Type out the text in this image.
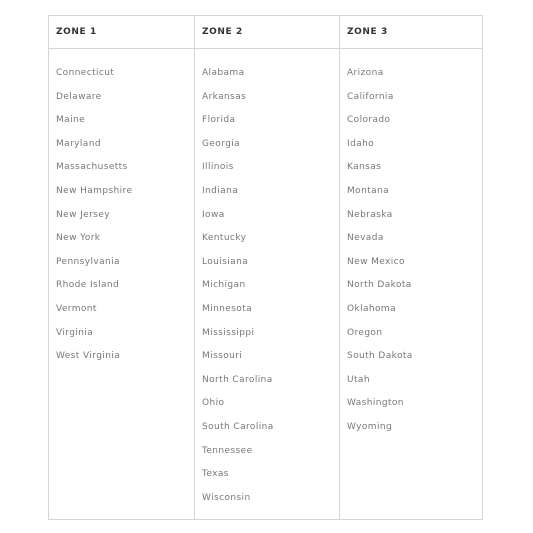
ZONE 1
Connecticut
Delaware
Maine
Maryland
Massachusetts
New Hampshire
New Jersey
New York
Pennsylvania
Rhode Island
Vermont
Virginia
West Virginia
ZONE 2
Alabama
Arkansas
Florida
Georgia
Illinois
Indiana
Iowa
Kentucky
Louisiana
Michigan
Minnesota
Mississippi
Missouri
North Carolina
Ohio
South Carolina
Tennessee
Texas
Wisconsin
ZONE 3
Arizona
California
Colorado
Idaho
Kansas
Montana
Nebraska
Nevada
New Mexico
North Dakota
Oklahoma
Oregon
South Dakota
Utah
Washington
Wyoming
